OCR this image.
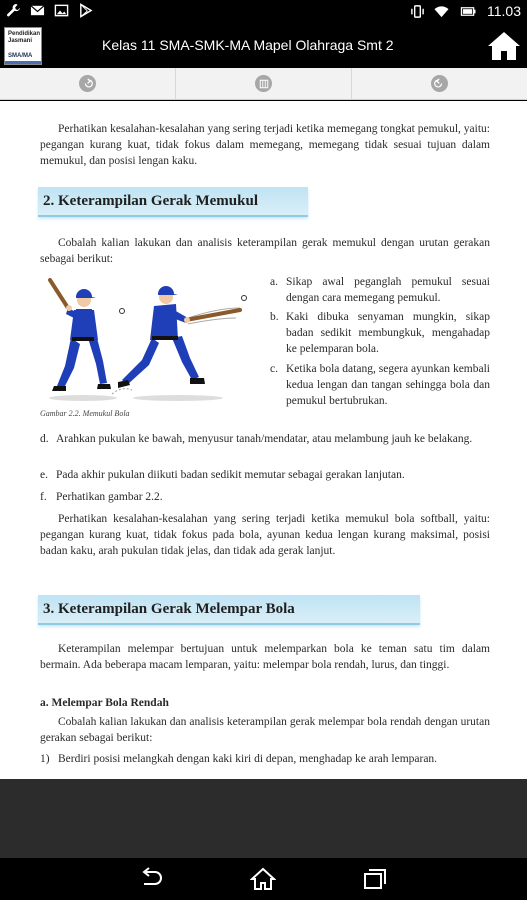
11.03
Pendidikan Jasmani
SMA/MA
Kelas 11 SMA-SMK-MA Mapel Olahraga Smt 2
Perhatikan kesalahan-kesalahan yang sering terjadi ketika memegang tongkat pemukul, yaitu: pegangan kurang kuat, tidak fokus dalam memegang, memegang tidak sesuai tujuan dalam memukul, dan posisi lengan kaku.
2. Keterampilan Gerak Memukul
Cobalah kalian lakukan dan analisis keterampilan gerak memukul dengan urutan gerakan sebagai berikut:
Gambar 2.2. Memukul Bola
a. Sikap awal peganglah pemukul sesuai dengan cara memegang pemukul.
b. Kaki dibuka senyaman mungkin, sikap badan sedikit membungkuk, mengahadap ke pelemparan bola.
c. Ketika bola datang, segera ayunkan kembali kedua lengan dan tangan sehingga bola dan pemukul bertubrukan.
d. Arahkan pukulan ke bawah, menyusur tanah/mendatar, atau melambung jauh ke belakang.
e. Pada akhir pukulan diikuti badan sedikit memutar sebagai gerakan lanjutan.
f. Perhatikan gambar 2.2.
Perhatikan kesalahan-kesalahan yang sering terjadi ketika memukul bola softball, yaitu: pegangan kurang kuat, tidak fokus pada bola, ayunan kedua lengan kurang maksimal, posisi badan kaku, arah pukulan tidak jelas, dan tidak ada gerak lanjut.
3. Keterampilan Gerak Melempar Bola
Keterampilan melempar bertujuan untuk melemparkan bola ke teman satu tim dalam bermain. Ada beberapa macam lemparan, yaitu: melempar bola rendah, lurus, dan tinggi.
a. Melempar Bola Rendah
Cobalah kalian lakukan dan analisis keterampilan gerak melempar bola rendah dengan urutan gerakan sebagai berikut:
1) Berdiri posisi melangkah dengan kaki kiri di depan, menghadap ke arah lemparan.
